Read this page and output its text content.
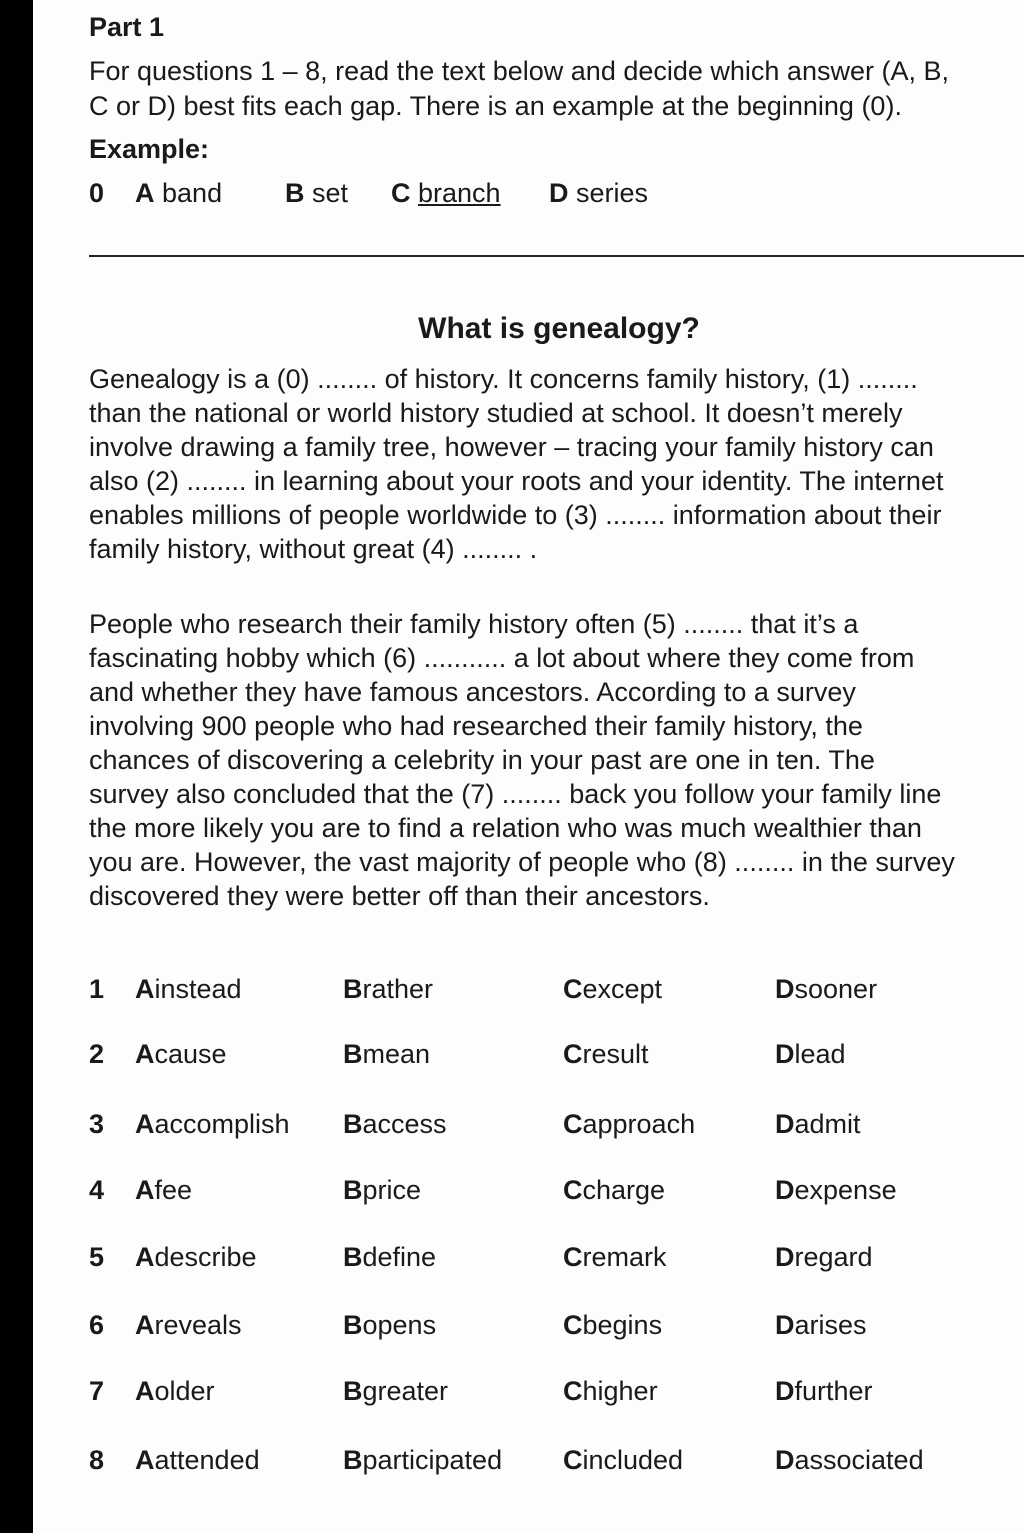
Part 1
For questions 1 – 8, read the text below and decide which answer (A, B,
C or D) best fits each gap. There is an example at the beginning (0).
Example:
0 A band B set C branch D series
What is genealogy?
Genealogy is a (0) ........ of history. It concerns family history, (1) ........
than the national or world history studied at school. It doesn’t merely
involve drawing a family tree, however – tracing your family history can
also (2) ........ in learning about your roots and your identity. The internet
enables millions of people worldwide to (3) ........ information about their
family history, without great (4) ........ .
People who research their family history often (5) ........ that it’s a
fascinating hobby which (6) ........... a lot about where they come from
and whether they have famous ancestors. According to a survey
involving 900 people who had researched their family history, the
chances of discovering a celebrity in your past are one in ten. The
survey also concluded that the (7) ........ back you follow your family line
the more likely you are to find a relation who was much wealthier than
you are. However, the vast majority of people who (8) ........ in the survey
discovered they were better off than their ancestors.
1 A instead	B rather	C except	D sooner
2 A cause	B mean	C result	D lead
3 A accomplish B access	C approach	D admit
4 A fee	B price	C charge	D expense
5 A describe	B define	C remark	D regard
6 A reveals	B opens	C begins	D arises
7 A older	B greater	C higher	D further
8 A attended	B participated C included	D associated
